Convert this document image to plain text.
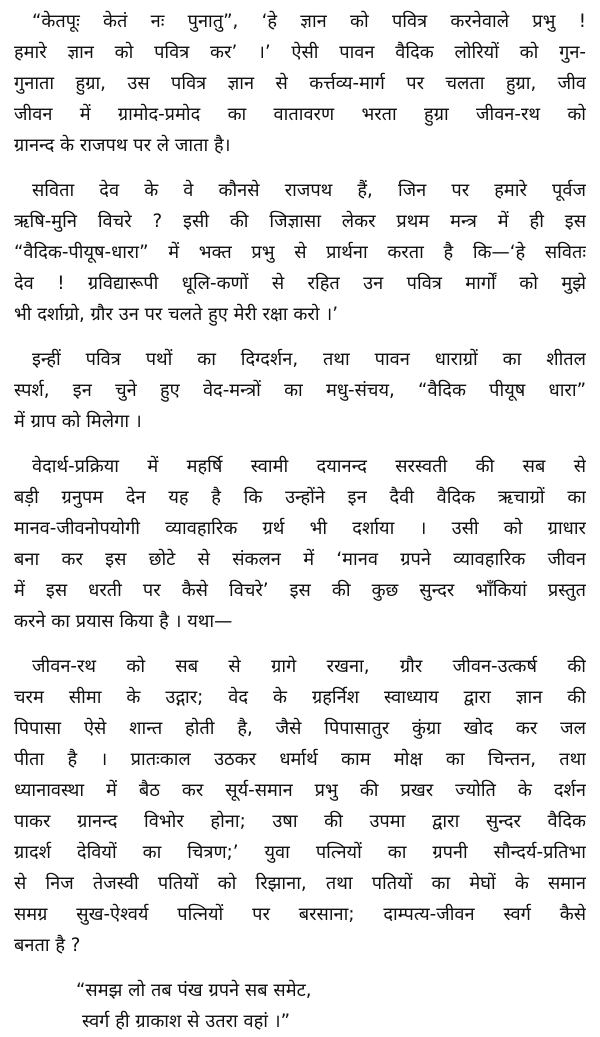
“केतपूः केतं नः पुनातु”, ‘हे ज्ञान को पवित्र करनेवाले प्रभु !
हमारे ज्ञान को पवित्र कर’ ।’ ऐसी पावन वैदिक लोरियों को गुन-
गुनाता हुग्रा, उस पवित्र ज्ञान से कर्त्तव्य-मार्ग पर चलता हुग्रा, जीव
जीवन में ग्रामोद-प्रमोद का वातावरण भरता हुग्रा जीवन-रथ को
ग्रानन्द के राजपथ पर ले जाता है।
सविता देव के वे कौनसे राजपथ हैं, जिन पर हमारे पूर्वज
ऋषि-मुनि विचरे ? इसी की जिज्ञासा लेकर प्रथम मन्त्र में ही इस
“वैदिक-पीयूष-धारा” में भक्त प्रभु से प्रार्थना करता है कि—‘हे सवितः
देव ! ग्रविद्यारूपी धूलि-कणों से रहित उन पवित्र मार्गों को मुझे
भी दर्शाग्रो, ग्रौर उन पर चलते हुए मेरी रक्षा करो ।’
इन्हीं पवित्र पथों का दिग्दर्शन, तथा पावन धाराग्रों का शीतल
स्पर्श, इन चुने हुए वेद-मन्त्रों का मधु-संचय, “वैदिक पीयूष धारा”
में ग्राप को मिलेगा ।
वेदार्थ-प्रक्रिया में महर्षि स्वामी दयानन्द सरस्वती की सब से
बड़ी ग्रनुपम देन यह है कि उन्होंने इन दैवी वैदिक ऋचाग्रों का
मानव-जीवनोपयोगी व्यावहारिक ग्रर्थ भी दर्शाया । उसी को ग्राधार
बना कर इस छोटे से संकलन में ‘मानव ग्रपने व्यावहारिक जीवन
में इस धरती पर कैसे विचरे’ इस की कुछ सुन्दर भाँकियां प्रस्तुत
करने का प्रयास किया है । यथा—
जीवन-रथ को सब से ग्रागे रखना, ग्रौर जीवन-उत्कर्ष की
चरम सीमा के उद्गार; वेद के ग्रहर्निश स्वाध्याय द्वारा ज्ञान की
पिपासा ऐसे शान्त होती है, जैसे पिपासातुर कुंग्रा खोद कर जल
पीता है । प्रातःकाल उठकर धर्मार्थ काम मोक्ष का चिन्तन, तथा
ध्यानावस्था में बैठ कर सूर्य-समान प्रभु की प्रखर ज्योति के दर्शन
पाकर ग्रानन्द विभोर होना; उषा की उपमा द्वारा सुन्दर वैदिक
ग्रादर्श देवियों का चित्रण;’ युवा पत्नियों का ग्रपनी सौन्दर्य-प्रतिभा
से निज तेजस्वी पतियों को रिझाना, तथा पतियों का मेघों के समान
समग्र सुख-ऐश्वर्य पत्नियों पर बरसाना; दाम्पत्य-जीवन स्वर्ग कैसे
बनता है ?
“समझ लो तब पंख ग्रपने सब समेट,
स्वर्ग ही ग्राकाश से उतरा वहां ।”
